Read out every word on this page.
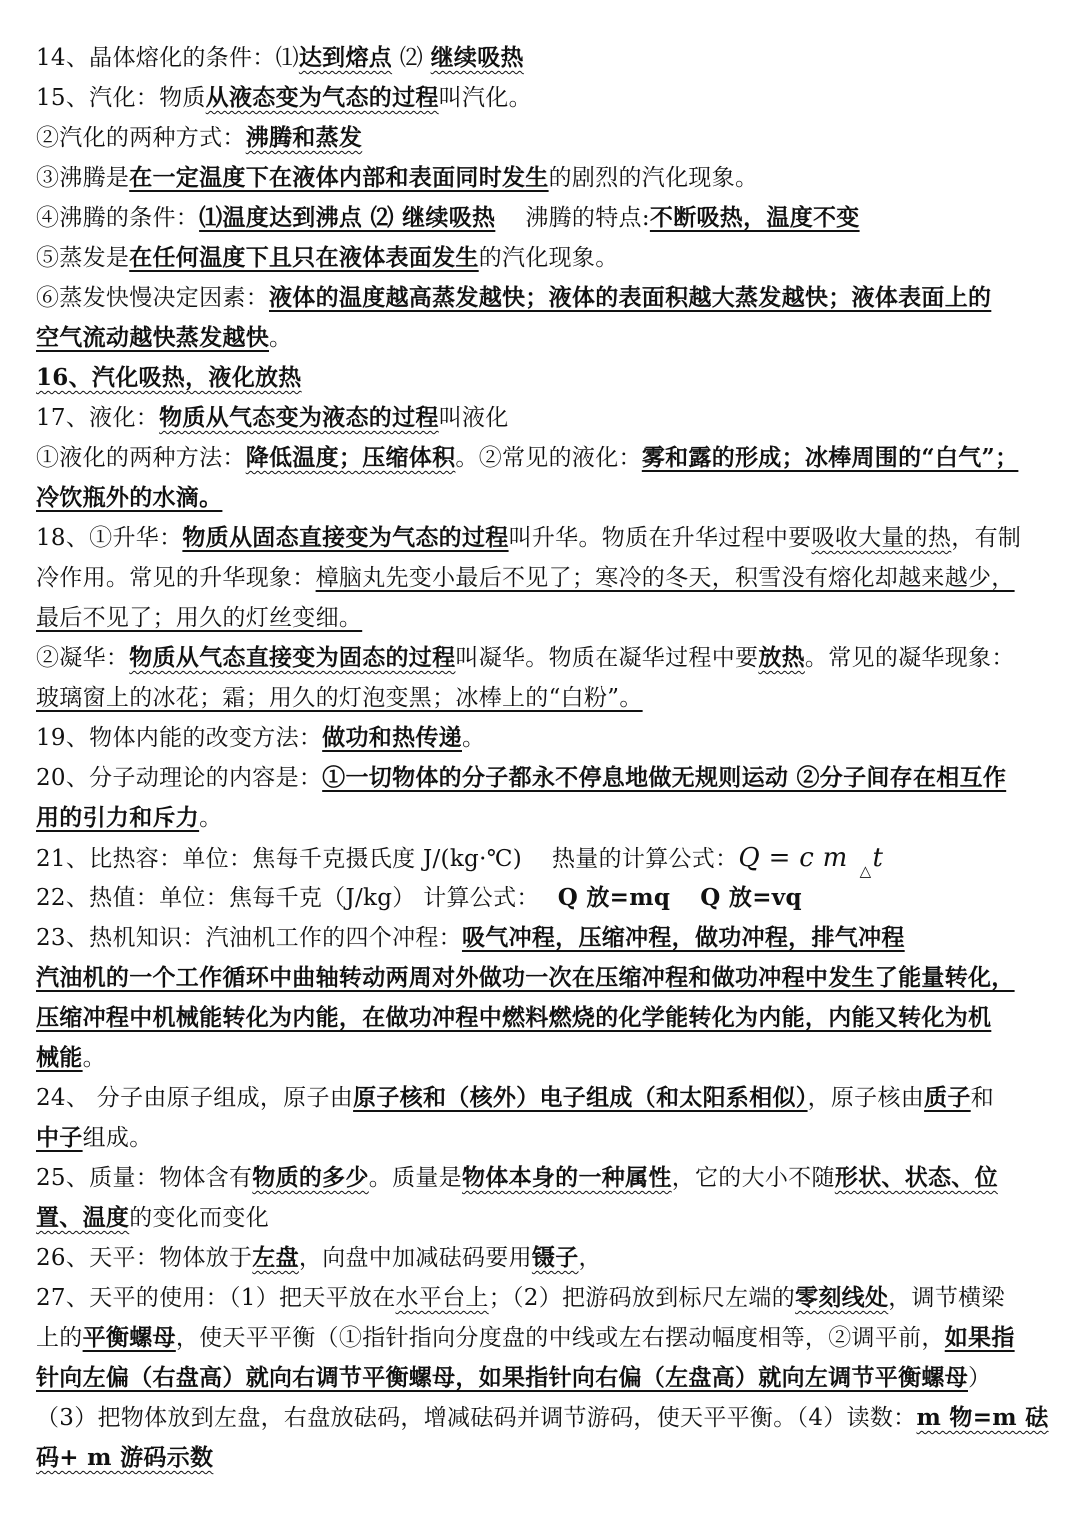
14、晶体熔化的条件：⑴达到熔点 ⑵ 继续吸热
15、汽化：物质从液态变为气态的过程叫汽化。
②汽化的两种方式：沸腾和蒸发
③沸腾是在一定温度下在液体内部和表面同时发生的剧烈的汽化现象。
④沸腾的条件：⑴温度达到沸点 ⑵ 继续吸热 沸腾的特点:不断吸热，温度不变
⑤蒸发是在任何温度下且只在液体表面发生的汽化现象。
⑥蒸发快慢决定因素：液体的温度越高蒸发越快；液体的表面积越大蒸发越快；液体表面上的
空气流动越快蒸发越快。
16、汽化吸热，液化放热
17、液化：物质从气态变为液态的过程叫液化
①液化的两种方法：降低温度；压缩体积。②常见的液化：雾和露的形成；冰棒周围的“白气”；
冷饮瓶外的水滴。
18、①升华：物质从固态直接变为气态的过程叫升华。物质在升华过程中要吸收大量的热，有制
冷作用。常见的升华现象：樟脑丸先变小最后不见了；寒冷的冬天，积雪没有熔化却越来越少，
最后不见了；用久的灯丝变细。
②凝华：物质从气态直接变为固态的过程叫凝华。物质在凝华过程中要放热。常见的凝华现象：
玻璃窗上的冰花；霜；用久的灯泡变黑；冰棒上的“白粉”。
19、物体内能的改变方法：做功和热传递。
20、分子动理论的内容是：①一切物体的分子都永不停息地做无规则运动 ②分子间存在相互作
用的引力和斥力。
21、比热容：单位：焦每千克摄氏度 J/(kg·℃) 热量的计算公式：Q = c m $_\triangle$t
22、热值：单位：焦每千克（J/kg） 计算公式： Q 放=mq Q 放=vq
23、热机知识：汽油机工作的四个冲程：吸气冲程，压缩冲程，做功冲程，排气冲程
汽油机的一个工作循环中曲轴转动两周对外做功一次在压缩冲程和做功冲程中发生了能量转化，
压缩冲程中机械能转化为内能，在做功冲程中燃料燃烧的化学能转化为内能，内能又转化为机
械能。
24、 分子由原子组成，原子由原子核和（核外）电子组成（和太阳系相似），原子核由质子和
中子组成。
25、质量：物体含有物质的多少。质量是物体本身的一种属性，它的大小不随形状、状态、位
置、温度的变化而变化
26、天平：物体放于左盘，向盘中加减砝码要用镊子，
27、天平的使用：（1）把天平放在水平台上；（2）把游码放到标尺左端的零刻线处，调节横梁
上的平衡螺母，使天平平衡（①指针指向分度盘的中线或左右摆动幅度相等，②调平前，如果指
针向左偏（右盘高）就向右调节平衡螺母，如果指针向右偏（左盘高）就向左调节平衡螺母）
（3）把物体放到左盘，右盘放砝码，增减砝码并调节游码，使天平平衡。（4）读数：m 物=m 砝
码+ m 游码示数
